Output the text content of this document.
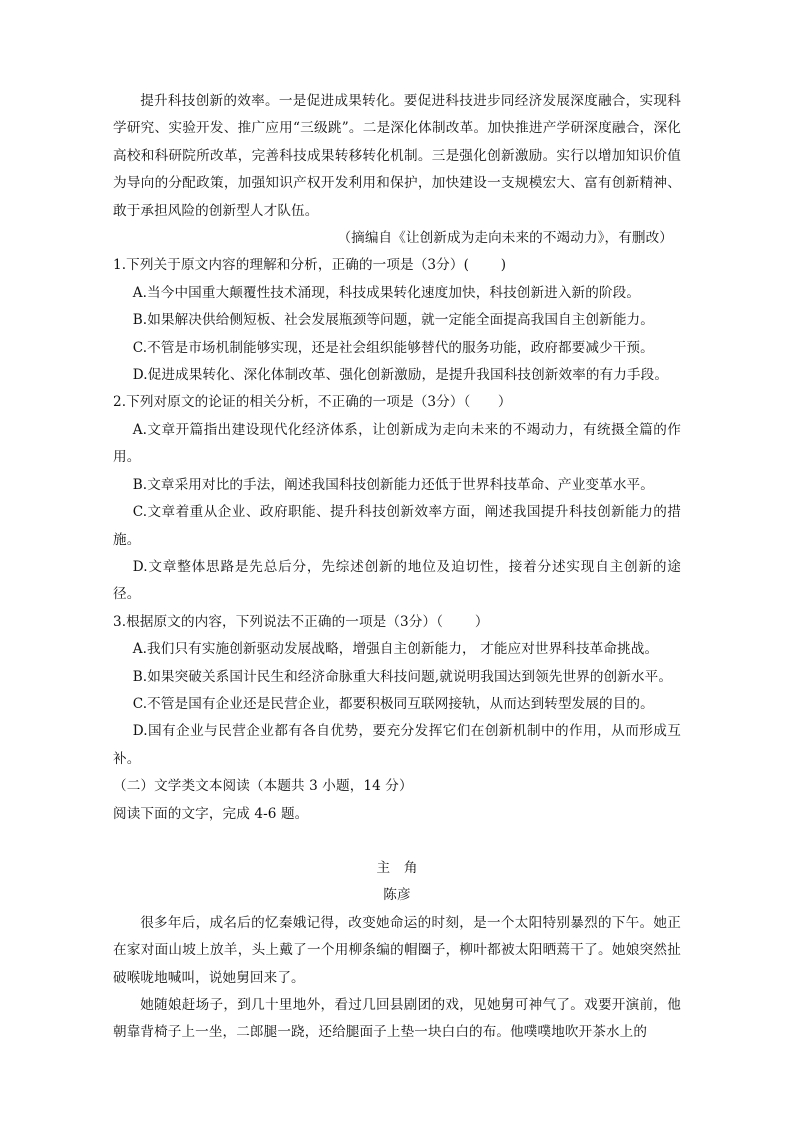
提升科技创新的效率。一是促进成果转化。要促进科技进步同经济发展深度融合，实现科学研究、实验开发、推广应用“三级跳”。二是深化体制改革。加快推进产学研深度融合，深化高校和科研院所改革，完善科技成果转移转化机制。三是强化创新激励。实行以增加知识价值为导向的分配政策，加强知识产权开发利用和保护，加快建设一支规模宏大、富有创新精神、敢于承担风险的创新型人才队伍。

（摘编自《让创新成为走向未来的不竭动力》，有删改）

1.下列关于原文内容的理解和分析，正确的一项是（3分）(　　 )

A.当今中国重大颠覆性技术涌现，科技成果转化速度加快，科技创新进入新的阶段。

B.如果解决供给侧短板、社会发展瓶颈等问题，就一定能全面提高我国自主创新能力。

C.不管是市场机制能够实现，还是社会组织能够替代的服务功能，政府都要减少干预。

D.促进成果转化、深化体制改革、强化创新激励，是提升我国科技创新效率的有力手段。

2.下列对原文的论证的相关分析，不正确的一项是（3分）（　　）

A.文章开篇指出建设现代化经济体系，让创新成为走向未来的不竭动力，有统摄全篇的作用。

B.文章采用对比的手法，阐述我国科技创新能力还低于世界科技革命、产业变革水平。

C.文章着重从企业、政府职能、提升科技创新效率方面，阐述我国提升科技创新能力的措施。

D.文章整体思路是先总后分，先综述创新的地位及迫切性，接着分述实现自主创新的途径。

3.根据原文的内容，下列说法不正确的一项是（3分）（　　 ）

A.我们只有实施创新驱动发展战略，增强自主创新能力， 才能应对世界科技革命挑战。

B.如果突破关系国计民生和经济命脉重大科技问题,就说明我国达到领先世界的创新水平。

C.不管是国有企业还是民营企业，都要积极同互联网接轨，从而达到转型发展的目的。

D.国有企业与民营企业都有各自优势，要充分发挥它们在创新机制中的作用，从而形成互补。

（二）文学类文本阅读（本题共 3 小题，14 分）

阅读下面的文字，完成 4-6 题。

主　角

陈彦

很多年后，成名后的忆秦娥记得，改变她命运的时刻，是一个太阳特别暴烈的下午。她正在家对面山坡上放羊，头上戴了一个用柳条编的帽圈子，柳叶都被太阳晒蔫干了。她娘突然扯破喉咙地喊叫，说她舅回来了。

她随娘赶场子，到几十里地外，看过几回县剧团的戏，见她舅可神气了。戏要开演前，他朝靠背椅子上一坐，二郎腿一跷，还给腿面子上垫一块白白的布。他噗噗地吹开茶水上的
